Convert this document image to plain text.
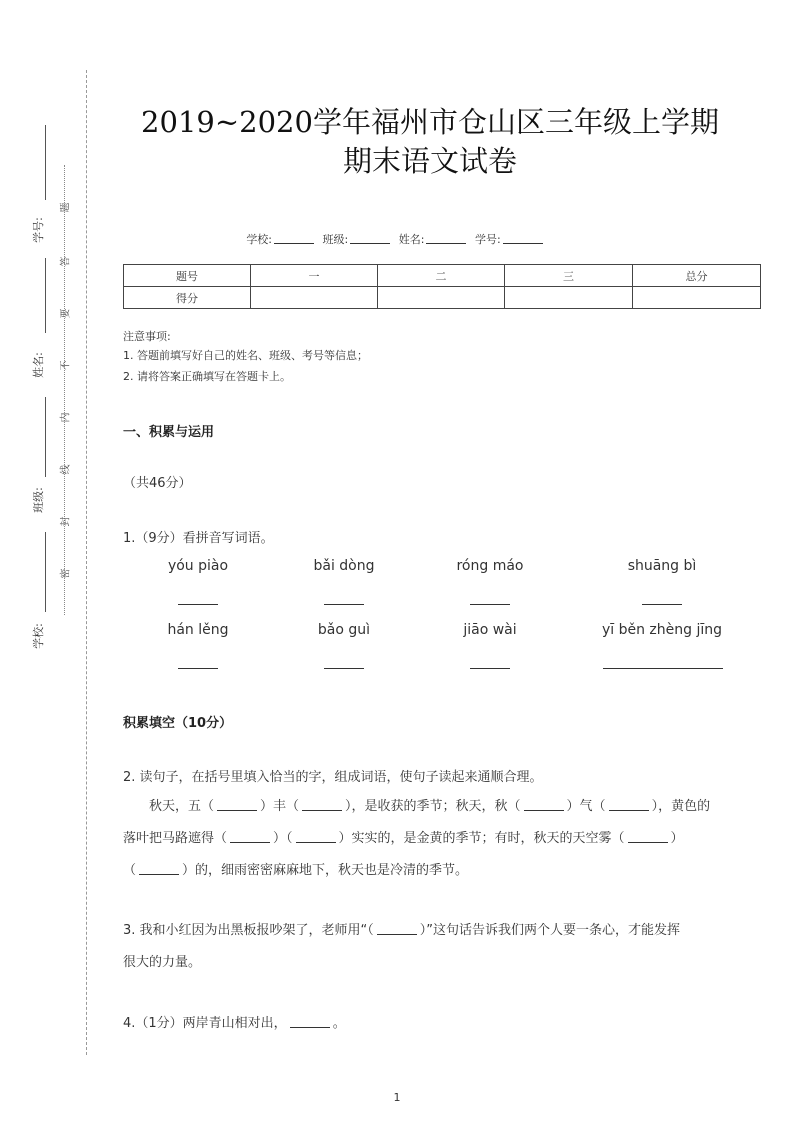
学号:
姓名:
班级:
学校:
题
答
要
不
内
线
封
密
2019~2020学年福州市仓山区三年级上学期
期末语文试卷
学校:	班级:	姓名:	学号:
题号	一	二	三	总分
得分				
注意事项:
1. 答题前填写好自己的姓名、班级、考号等信息；
2. 请将答案正确填写在答题卡上。
一、积累与运用
（共46分）
1.（9分）看拼音写词语。
yóu piào	bǎi dòng	róng máo	shuāng bì
hán lěng	bǎo guì	jiāo wài	yī běn zhèng jīng
积累填空（10分）
2. 读句子，在括号里填入恰当的字，组成词语，使句子读起来通顺合理。
秋天，五（	）丰（	），是收获的季节；秋天，秋（	）气（	），黄色的
落叶把马路遮得（	）（	）实实的，是金黄的季节；有时，秋天的天空雾（	）
（	）的，细雨密密麻麻地下，秋天也是冷清的季节。
3. 我和小红因为出黑板报吵架了，老师用“（	）”这句话告诉我们两个人要一条心，才能发挥
很大的力量。
4.（1分）两岸青山相对出，	。
1
